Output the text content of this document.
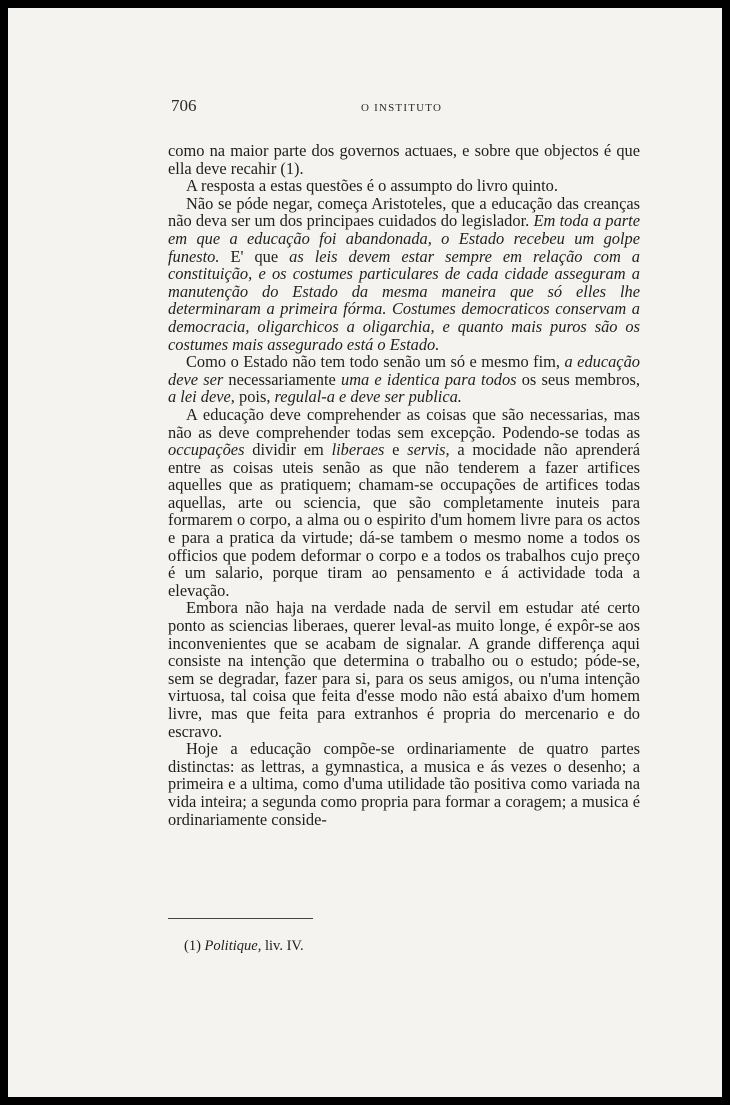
706	O INSTITUTO

como na maior parte dos governos actuaes, e sobre que objectos é que ella deve recahir (1).

A resposta a estas questões é o assumpto do livro quinto.

Não se póde negar, começa Aristoteles, que a educação das creanças não deva ser um dos principaes cuidados do legislador. Em toda a parte em que a educação foi abandonada, o Estado recebeu um golpe funesto. E' que as leis devem estar sempre em relação com a constituição, e os costumes particulares de cada cidade asseguram a manutenção do Estado da mesma maneira que só elles lhe determinaram a primeira fórma. Costumes democraticos conservam a democracia, oligarchicos a oligarchia, e quanto mais puros são os costumes mais assegurado está o Estado.

Como o Estado não tem todo senão um só e mesmo fim, a educação deve ser necessariamente uma e identica para todos os seus membros, a lei deve, pois, regulal-a e deve ser publica.

A educação deve comprehender as coisas que são necessarias, mas não as deve comprehender todas sem excepção. Podendo-se todas as occupações dividir em liberaes e servis, a mocidade não aprenderá entre as coisas uteis senão as que não tenderem a fazer artifices aquelles que as pratiquem; chamam-se occupações de artifices todas aquellas, arte ou sciencia, que são completamente inuteis para formarem o corpo, a alma ou o espirito d'um homem livre para os actos e para a pratica da virtude; dá-se tambem o mesmo nome a todos os officios que podem deformar o corpo e a todos os trabalhos cujo preço é um salario, porque tiram ao pensamento e á actividade toda a elevação.

Embora não haja na verdade nada de servil em estudar até certo ponto as sciencias liberaes, querer leval-as muito longe, é expôr-se aos inconvenientes que se acabam de signalar. A grande differença aqui consiste na intenção que determina o trabalho ou o estudo; póde-se, sem se degradar, fazer para si, para os seus amigos, ou n'uma intenção virtuosa, tal coisa que feita d'esse modo não está abaixo d'um homem livre, mas que feita para extranhos é propria do mercenario e do escravo.

Hoje a educação compõe-se ordinariamente de quatro partes distinctas: as lettras, a gymnastica, a musica e ás vezes o desenho; a primeira e a ultima, como d'uma utilidade tão positiva como variada na vida inteira; a segunda como propria para formar a coragem; a musica é ordinariamente conside-

(1) Politique, liv. IV.
